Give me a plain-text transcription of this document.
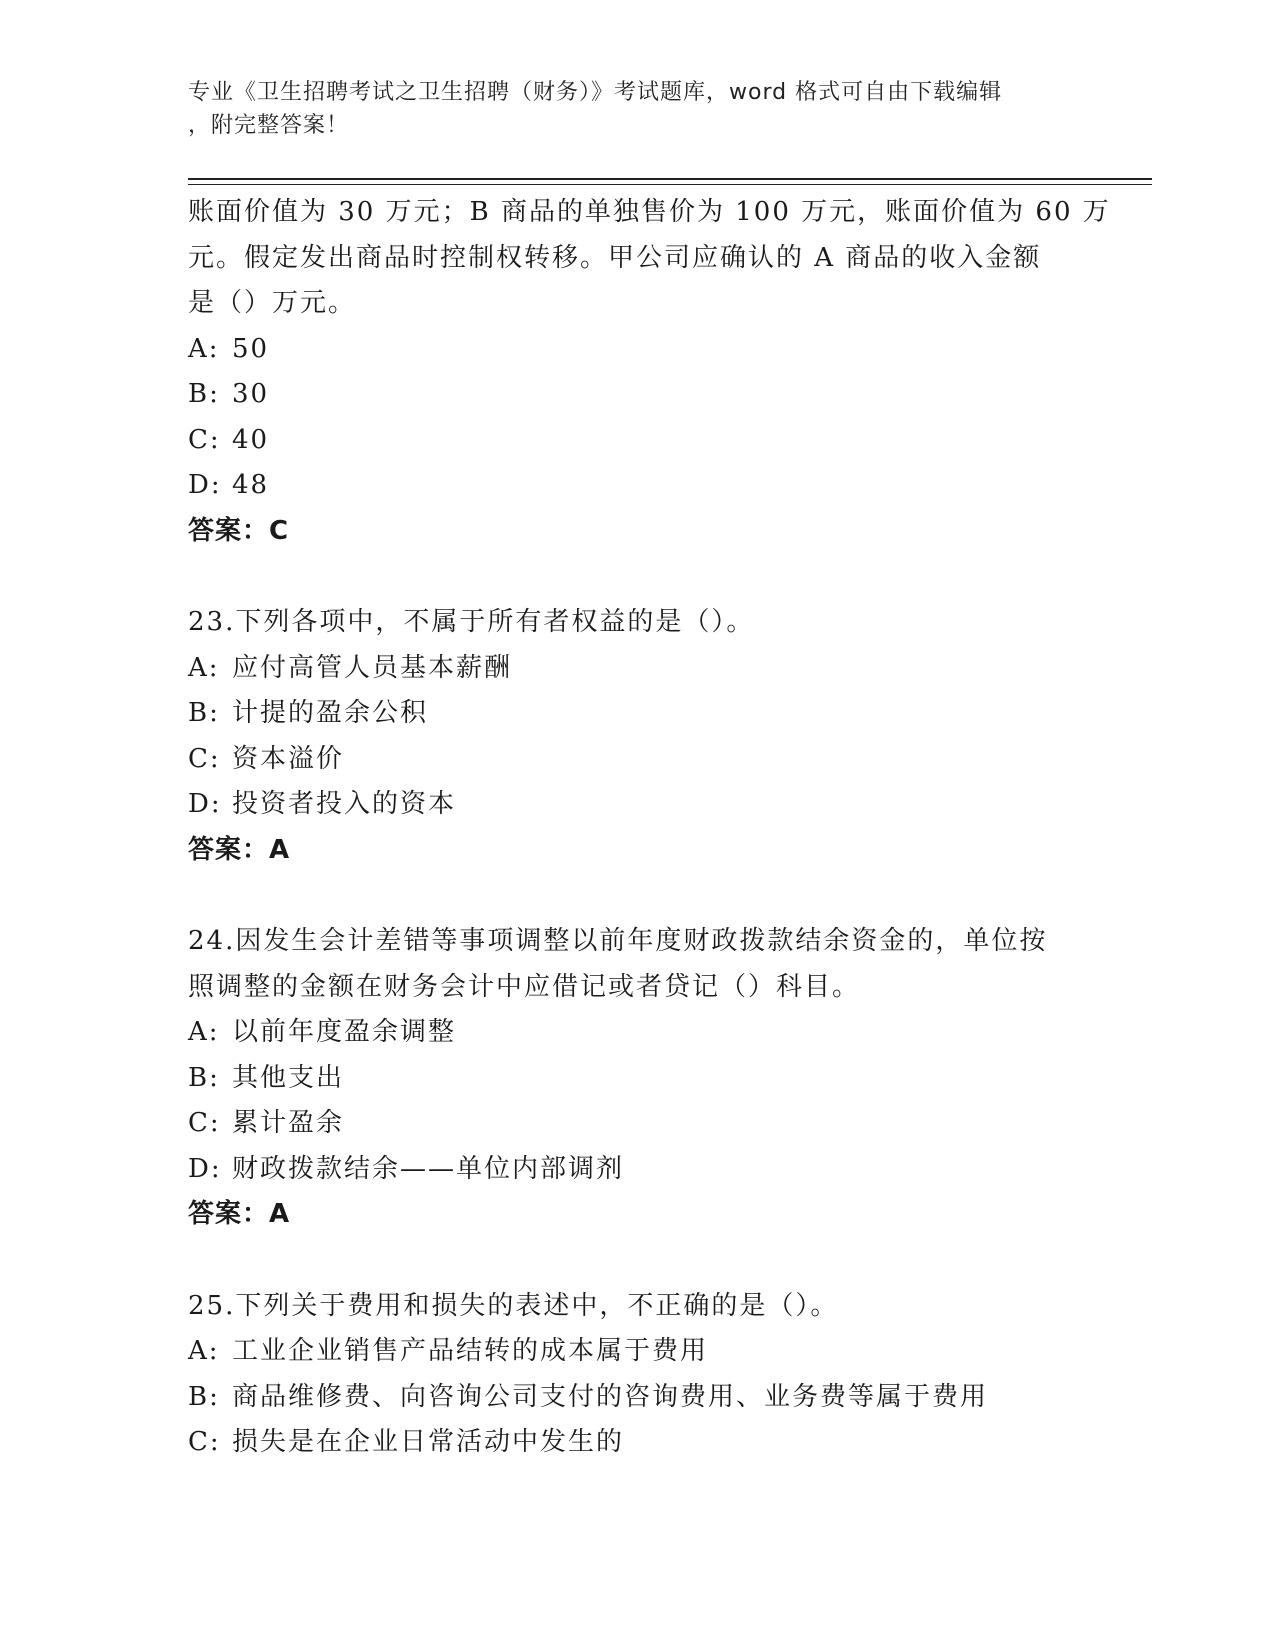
专业《卫生招聘考试之卫生招聘（财务）》考试题库，word 格式可自由下载编辑
，附完整答案！
账面价值为 30 万元；B 商品的单独售价为 100 万元，账面价值为 60 万
元。假定发出商品时控制权转移。甲公司应确认的 A 商品的收入金额
是（）万元。
A: 50
B: 30
C: 40
D: 48
答案：C
23.下列各项中，不属于所有者权益的是（）。
A: 应付高管人员基本薪酬
B: 计提的盈余公积
C: 资本溢价
D: 投资者投入的资本
答案：A
24.因发生会计差错等事项调整以前年度财政拨款结余资金的，单位按
照调整的金额在财务会计中应借记或者贷记（）科目。
A: 以前年度盈余调整
B: 其他支出
C: 累计盈余
D: 财政拨款结余——单位内部调剂
答案：A
25.下列关于费用和损失的表述中，不正确的是（）。
A: 工业企业销售产品结转的成本属于费用
B: 商品维修费、向咨询公司支付的咨询费用、业务费等属于费用
C: 损失是在企业日常活动中发生的
